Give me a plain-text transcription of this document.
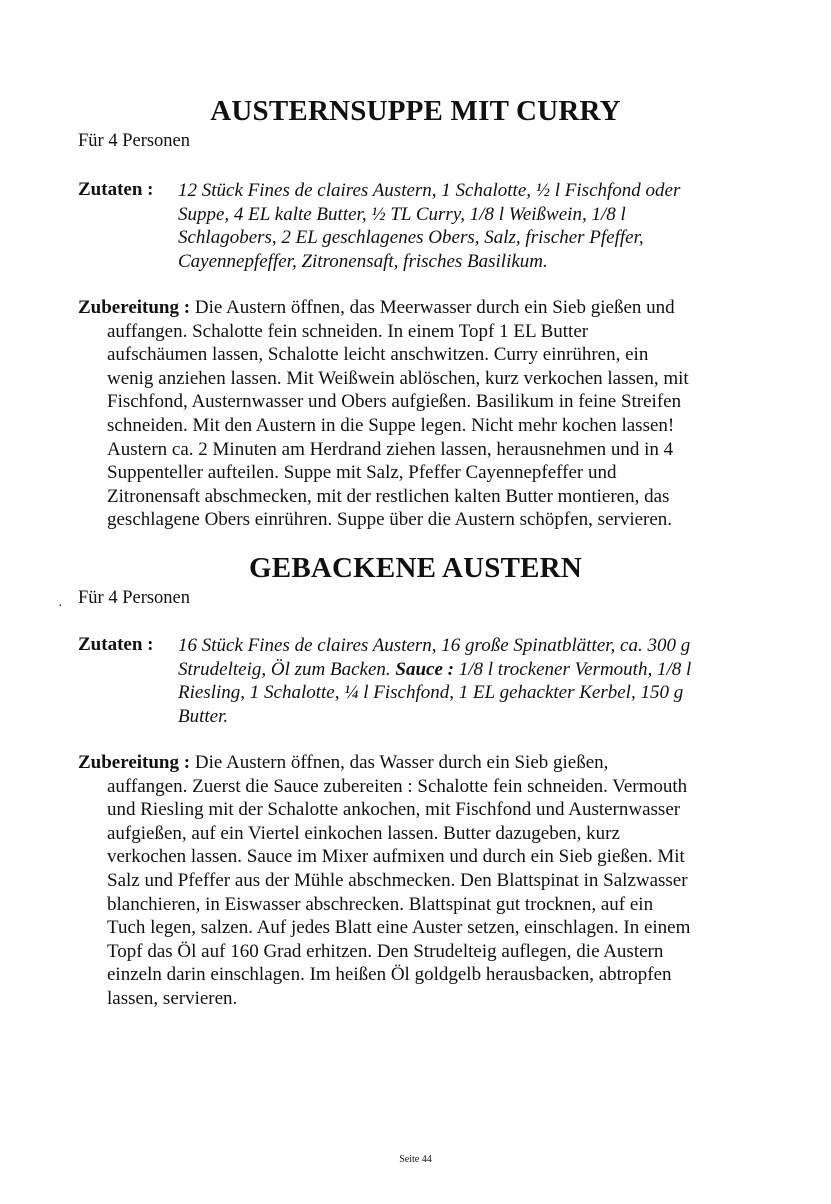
AUSTERNSUPPE MIT CURRY
Für 4 Personen
Zutaten : 12 Stück Fines de claires Austern, 1 Schalotte, ½ l Fischfond oder
Suppe, 4 EL kalte Butter, ½ TL Curry, 1/8 l Weißwein, 1/8 l
Schlagobers, 2 EL geschlagenes Obers, Salz, frischer Pfeffer,
Cayennepfeffer, Zitronensaft, frisches Basilikum.
Zubereitung : Die Austern öffnen, das Meerwasser durch ein Sieb gießen und
auffangen. Schalotte fein schneiden. In einem Topf 1 EL Butter
aufschäumen lassen, Schalotte leicht anschwitzen. Curry einrühren, ein
wenig anziehen lassen. Mit Weißwein ablöschen, kurz verkochen lassen, mit
Fischfond, Austernwasser und Obers aufgießen. Basilikum in feine Streifen
schneiden. Mit den Austern in die Suppe legen. Nicht mehr kochen lassen!
Austern ca. 2 Minuten am Herdrand ziehen lassen, herausnehmen und in 4
Suppenteller aufteilen. Suppe mit Salz, Pfeffer Cayennepfeffer und
Zitronensaft abschmecken, mit der restlichen kalten Butter montieren, das
geschlagene Obers einrühren. Suppe über die Austern schöpfen, servieren.
GEBACKENE AUSTERN
· Für 4 Personen
Zutaten : 16 Stück Fines de claires Austern, 16 große Spinatblätter, ca. 300 g
Strudelteig, Öl zum Backen. Sauce : 1/8 l trockener Vermouth, 1/8 l
Riesling, 1 Schalotte, ¼ l Fischfond, 1 EL gehackter Kerbel, 150 g
Butter.
Zubereitung : Die Austern öffnen, das Wasser durch ein Sieb gießen,
auffangen. Zuerst die Sauce zubereiten : Schalotte fein schneiden. Vermouth
und Riesling mit der Schalotte ankochen, mit Fischfond und Austernwasser
aufgießen, auf ein Viertel einkochen lassen. Butter dazugeben, kurz
verkochen lassen. Sauce im Mixer aufmixen und durch ein Sieb gießen. Mit
Salz und Pfeffer aus der Mühle abschmecken. Den Blattspinat in Salzwasser
blanchieren, in Eiswasser abschrecken. Blattspinat gut trocknen, auf ein
Tuch legen, salzen. Auf jedes Blatt eine Auster setzen, einschlagen. In einem
Topf das Öl auf 160 Grad erhitzen. Den Strudelteig auflegen, die Austern
einzeln darin einschlagen. Im heißen Öl goldgelb herausbacken, abtropfen
lassen, servieren.
Seite 44
